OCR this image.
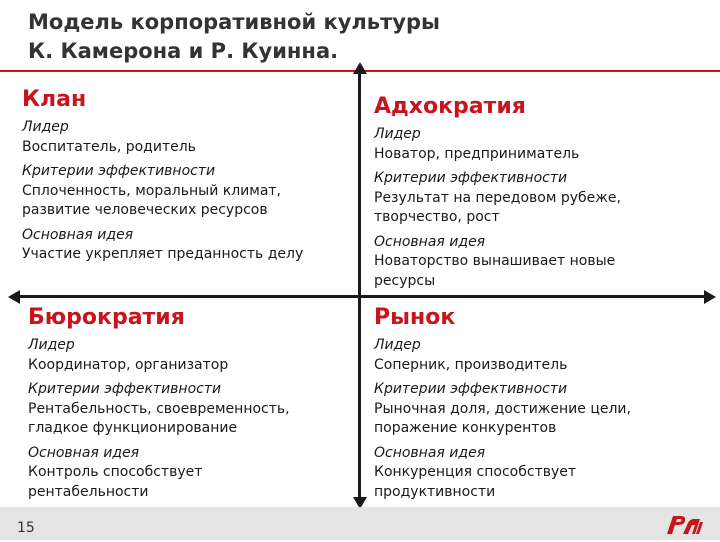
Модель корпоративной культуры
К. Камерона и Р. Куинна.
Клан
Лидер
Воспитатель, родитель
Критерии эффективности
Сплоченность, моральный климат,
развитие человеческих ресурсов
Основная идея
Участие укрепляет преданность делу
Адхократия
Лидер
Новатор, предприниматель
Критерии эффективности
Результат на передовом рубеже,
творчество, рост
Основная идея
Новаторство вынашивает новые
ресурсы
Бюрократия
Лидер
Координатор, организатор
Критерии эффективности
Рентабельность, своевременность,
гладкое функционирование
Основная идея
Контроль способствует
рентабельности
Рынок
Лидер
Соперник, производитель
Критерии эффективности
Рыночная доля, достижение цели,
поражение конкурентов
Основная идея
Конкуренция способствует
продуктивности
15
